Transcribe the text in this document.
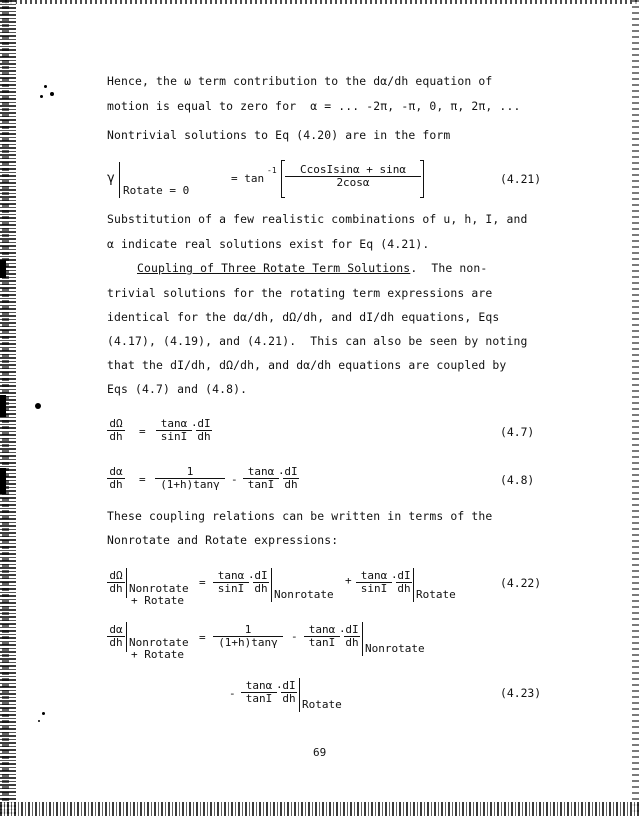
Hence, the ω term contribution to the dα/dh equation of
motion is equal to zero for  α = ... -2π, -π, 0, π, 2π, ...
Nontrivial solutions to Eq (4.20) are in the form
γ
Rotate = 0
= tan
$-1 \frac{\text{CcosIsinα + sinα}}{2\cos\alpha}$	(4.21)
Substitution of a few realistic combinations of u, h, I, and
α indicate real solutions exist for Eq (4.21).
Coupling of Three Rotate Term Solutions.  The non-
trivial solutions for the rotating term expressions are
identical for the dα/dh, dΩ/dh, and dI/dh equations, Eqs
(4.17), (4.19), and (4.21).  This can also be seen by noting
that the dI/dh, dΩ/dh, and dα/dh equations are coupled by
Eqs (4.7) and (4.8).
$\frac{d\Omega}{dh} = \frac{\tan\alpha}{\sin I}$ ·
$\frac{dI}{dh}$	(4.7)
$\frac{d\alpha}{dh} = \frac{1}{(1+h)\tan\gamma} - \frac{\tan\alpha}{\tan I}$ ·
$\frac{dI}{dh}$	(4.8)
These coupling relations can be written in terms of the
Nonrotate and Rotate expressions:
$\frac{d\Omega}{dh}$ Nonrotate
+ Rotate
= $\frac{\tan\alpha}{\sin I}$ ·
$\frac{dI}{dh}$ Nonrotate
+ $\frac{\tan\alpha}{\sin I}$ ·
$\frac{dI}{dh}$ Rotate
(4.22)
$\frac{d\alpha}{dh}$ Nonrotate
+ Rotate
= $\frac{1}{(1+h)\tan\gamma} - \frac{\tan\alpha}{\tan I}$ ·
$\frac{dI}{dh}$ Nonrotate
- $\frac{\tan\alpha}{\tan I}$ ·
$\frac{dI}{dh}$ Rotate
(4.23)
69
